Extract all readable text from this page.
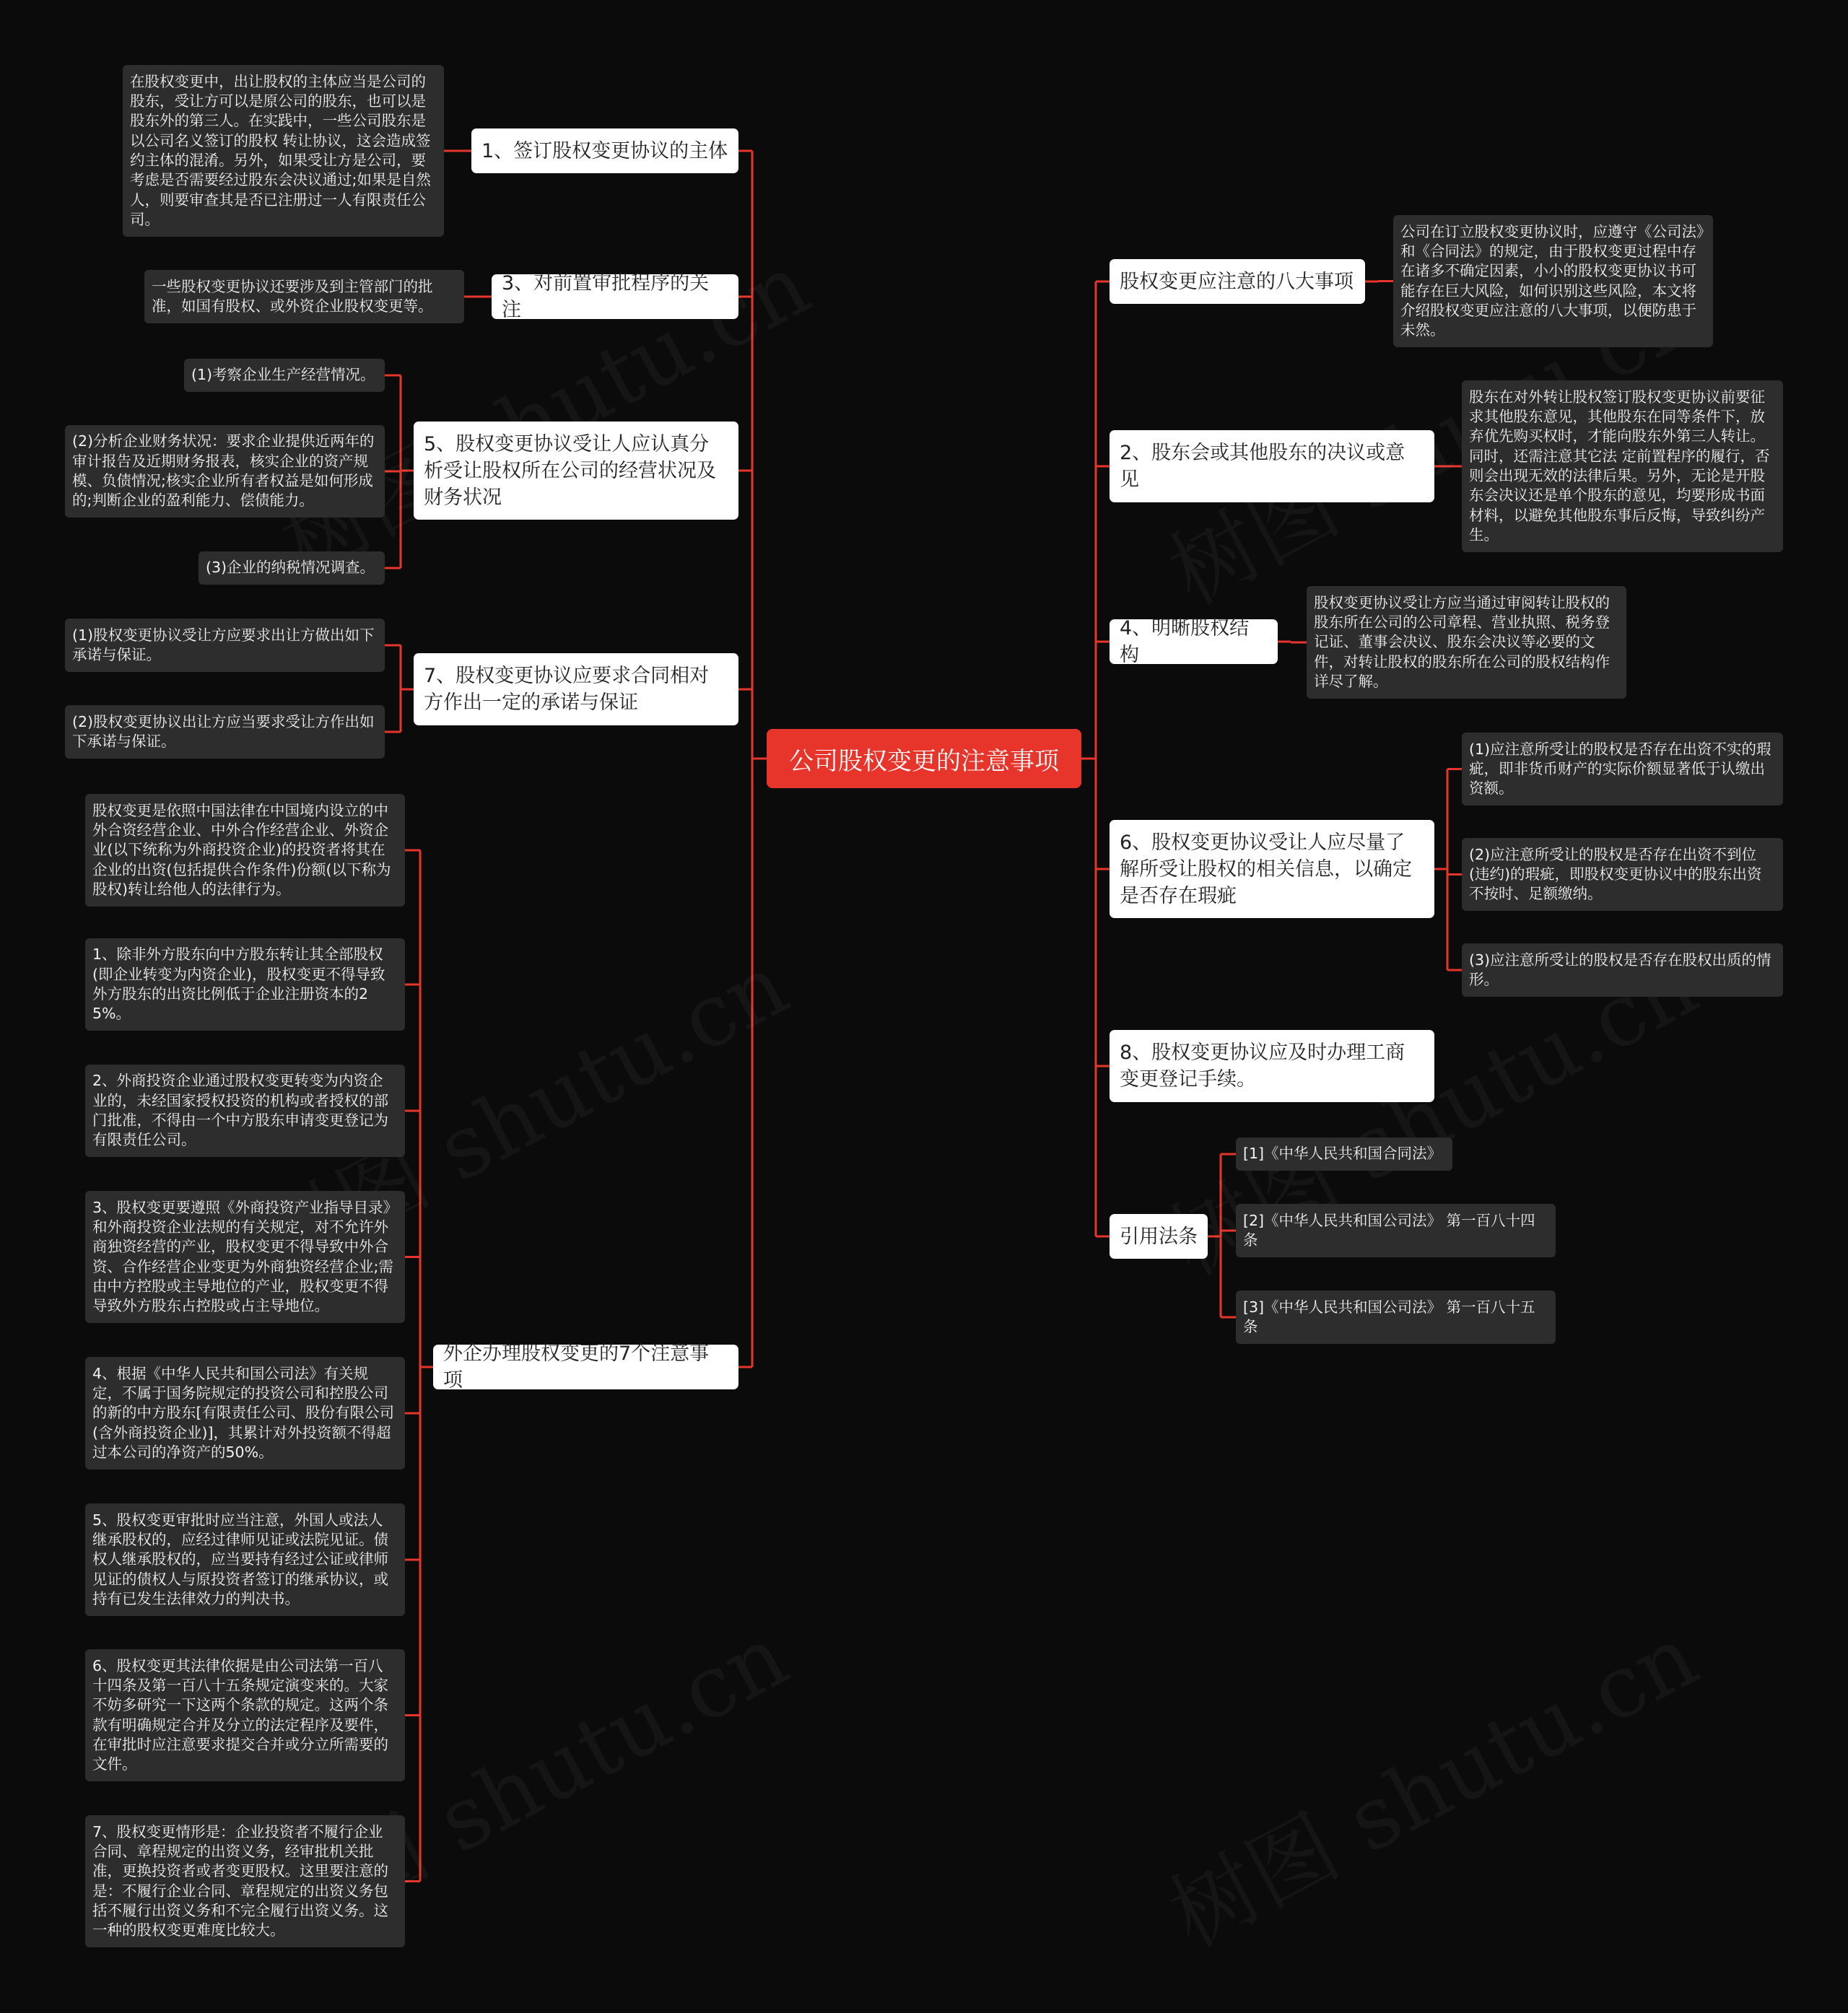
公司股权变更的注意事项
1、签订股权变更协议的主体
在股权变更中，出让股权的主体应当是公司的股东，受让方可以是原公司的股东，也可以是股东外的第三人。在实践中，一些公司股东是以公司名义签订的股权 转让协议，这会造成签约主体的混淆。另外，如果受让方是公司，要考虑是否需要经过股东会决议通过;如果是自然人，则要审查其是否已注册过一人有限责任公司。
3、对前置审批程序的关注
一些股权变更协议还要涉及到主管部门的批准，如国有股权、或外资企业股权变更等。
5、股权变更协议受让人应认真分析受让股权所在公司的经营状况及财务状况
(1)考察企业生产经营情况。
(2)分析企业财务状况：要求企业提供近两年的审计报告及近期财务报表，核实企业的资产规模、负债情况;核实企业所有者权益是如何形成的;判断企业的盈利能力、偿债能力。
(3)企业的纳税情况调查。
7、股权变更协议应要求合同相对方作出一定的承诺与保证
(1)股权变更协议受让方应要求出让方做出如下承诺与保证。
(2)股权变更协议出让方应当要求受让方作出如下承诺与保证。
外企办理股权变更的7个注意事项
股权变更是依照中国法律在中国境内设立的中外合资经营企业、中外合作经营企业、外资企业(以下统称为外商投资企业)的投资者将其在企业的出资(包括提供合作条件)份额(以下称为股权)转让给他人的法律行为。
1、除非外方股东向中方股东转让其全部股权(即企业转变为内资企业)，股权变更不得导致外方股东的出资比例低于企业注册资本的25%。
2、外商投资企业通过股权变更转变为内资企业的，未经国家授权投资的机构或者授权的部门批准，不得由一个中方股东申请变更登记为有限责任公司。
3、股权变更要遵照《外商投资产业指导目录》和外商投资企业法规的有关规定，对不允许外商独资经营的产业，股权变更不得导致中外合资、合作经营企业变更为外商独资经营企业;需由中方控股或主导地位的产业，股权变更不得导致外方股东占控股或占主导地位。
4、根据《中华人民共和国公司法》有关规定，不属于国务院规定的投资公司和控股公司的新的中方股东[有限责任公司、股份有限公司(含外商投资企业)]，其累计对外投资额不得超过本公司的净资产的50%。
5、股权变更审批时应当注意，外国人或法人继承股权的，应经过律师见证或法院见证。债权人继承股权的，应当要持有经过公证或律师见证的债权人与原投资者签订的继承协议，或持有已发生法律效力的判决书。
6、股权变更其法律依据是由公司法第一百八十四条及第一百八十五条规定演变来的。大家不妨多研究一下这两个条款的规定。这两个条款有明确规定合并及分立的法定程序及要件，在审批时应注意要求提交合并或分立所需要的文件。
7、股权变更情形是：企业投资者不履行企业合同、章程规定的出资义务，经审批机关批准，更换投资者或者变更股权。这里要注意的是：不履行企业合同、章程规定的出资义务包括不履行出资义务和不完全履行出资义务。这一种的股权变更难度比较大。
股权变更应注意的八大事项
公司在订立股权变更协议时，应遵守《公司法》和《合同法》的规定，由于股权变更过程中存在诸多不确定因素，小小的股权变更协议书可能存在巨大风险，如何识别这些风险，本文将介绍股权变更应注意的八大事项，以便防患于未然。
2、股东会或其他股东的决议或意见
股东在对外转让股权签订股权变更协议前要征求其他股东意见，其他股东在同等条件下，放弃优先购买权时，才能向股东外第三人转让。同时，还需注意其它法 定前置程序的履行，否则会出现无效的法律后果。另外，无论是开股东会决议还是单个股东的意见，均要形成书面材料，以避免其他股东事后反悔，导致纠纷产生。
4、明晰股权结构
股权变更协议受让方应当通过审阅转让股权的股东所在公司的公司章程、营业执照、税务登记证、董事会决议、股东会决议等必要的文件，对转让股权的股东所在公司的股权结构作详尽了解。
6、股权变更协议受让人应尽量了解所受让股权的相关信息，以确定是否存在瑕疵
(1)应注意所受让的股权是否存在出资不实的瑕疵，即非货币财产的实际价额显著低于认缴出资额。
(2)应注意所受让的股权是否存在出资不到位(违约)的瑕疵，即股权变更协议中的股东出资不按时、足额缴纳。
(3)应注意所受让的股权是否存在股权出质的情形。
8、股权变更协议应及时办理工商变更登记手续。
引用法条
[1]《中华人民共和国合同法》
[2]《中华人民共和国公司法》 第一百八十四条
[3]《中华人民共和国公司法》 第一百八十五条
